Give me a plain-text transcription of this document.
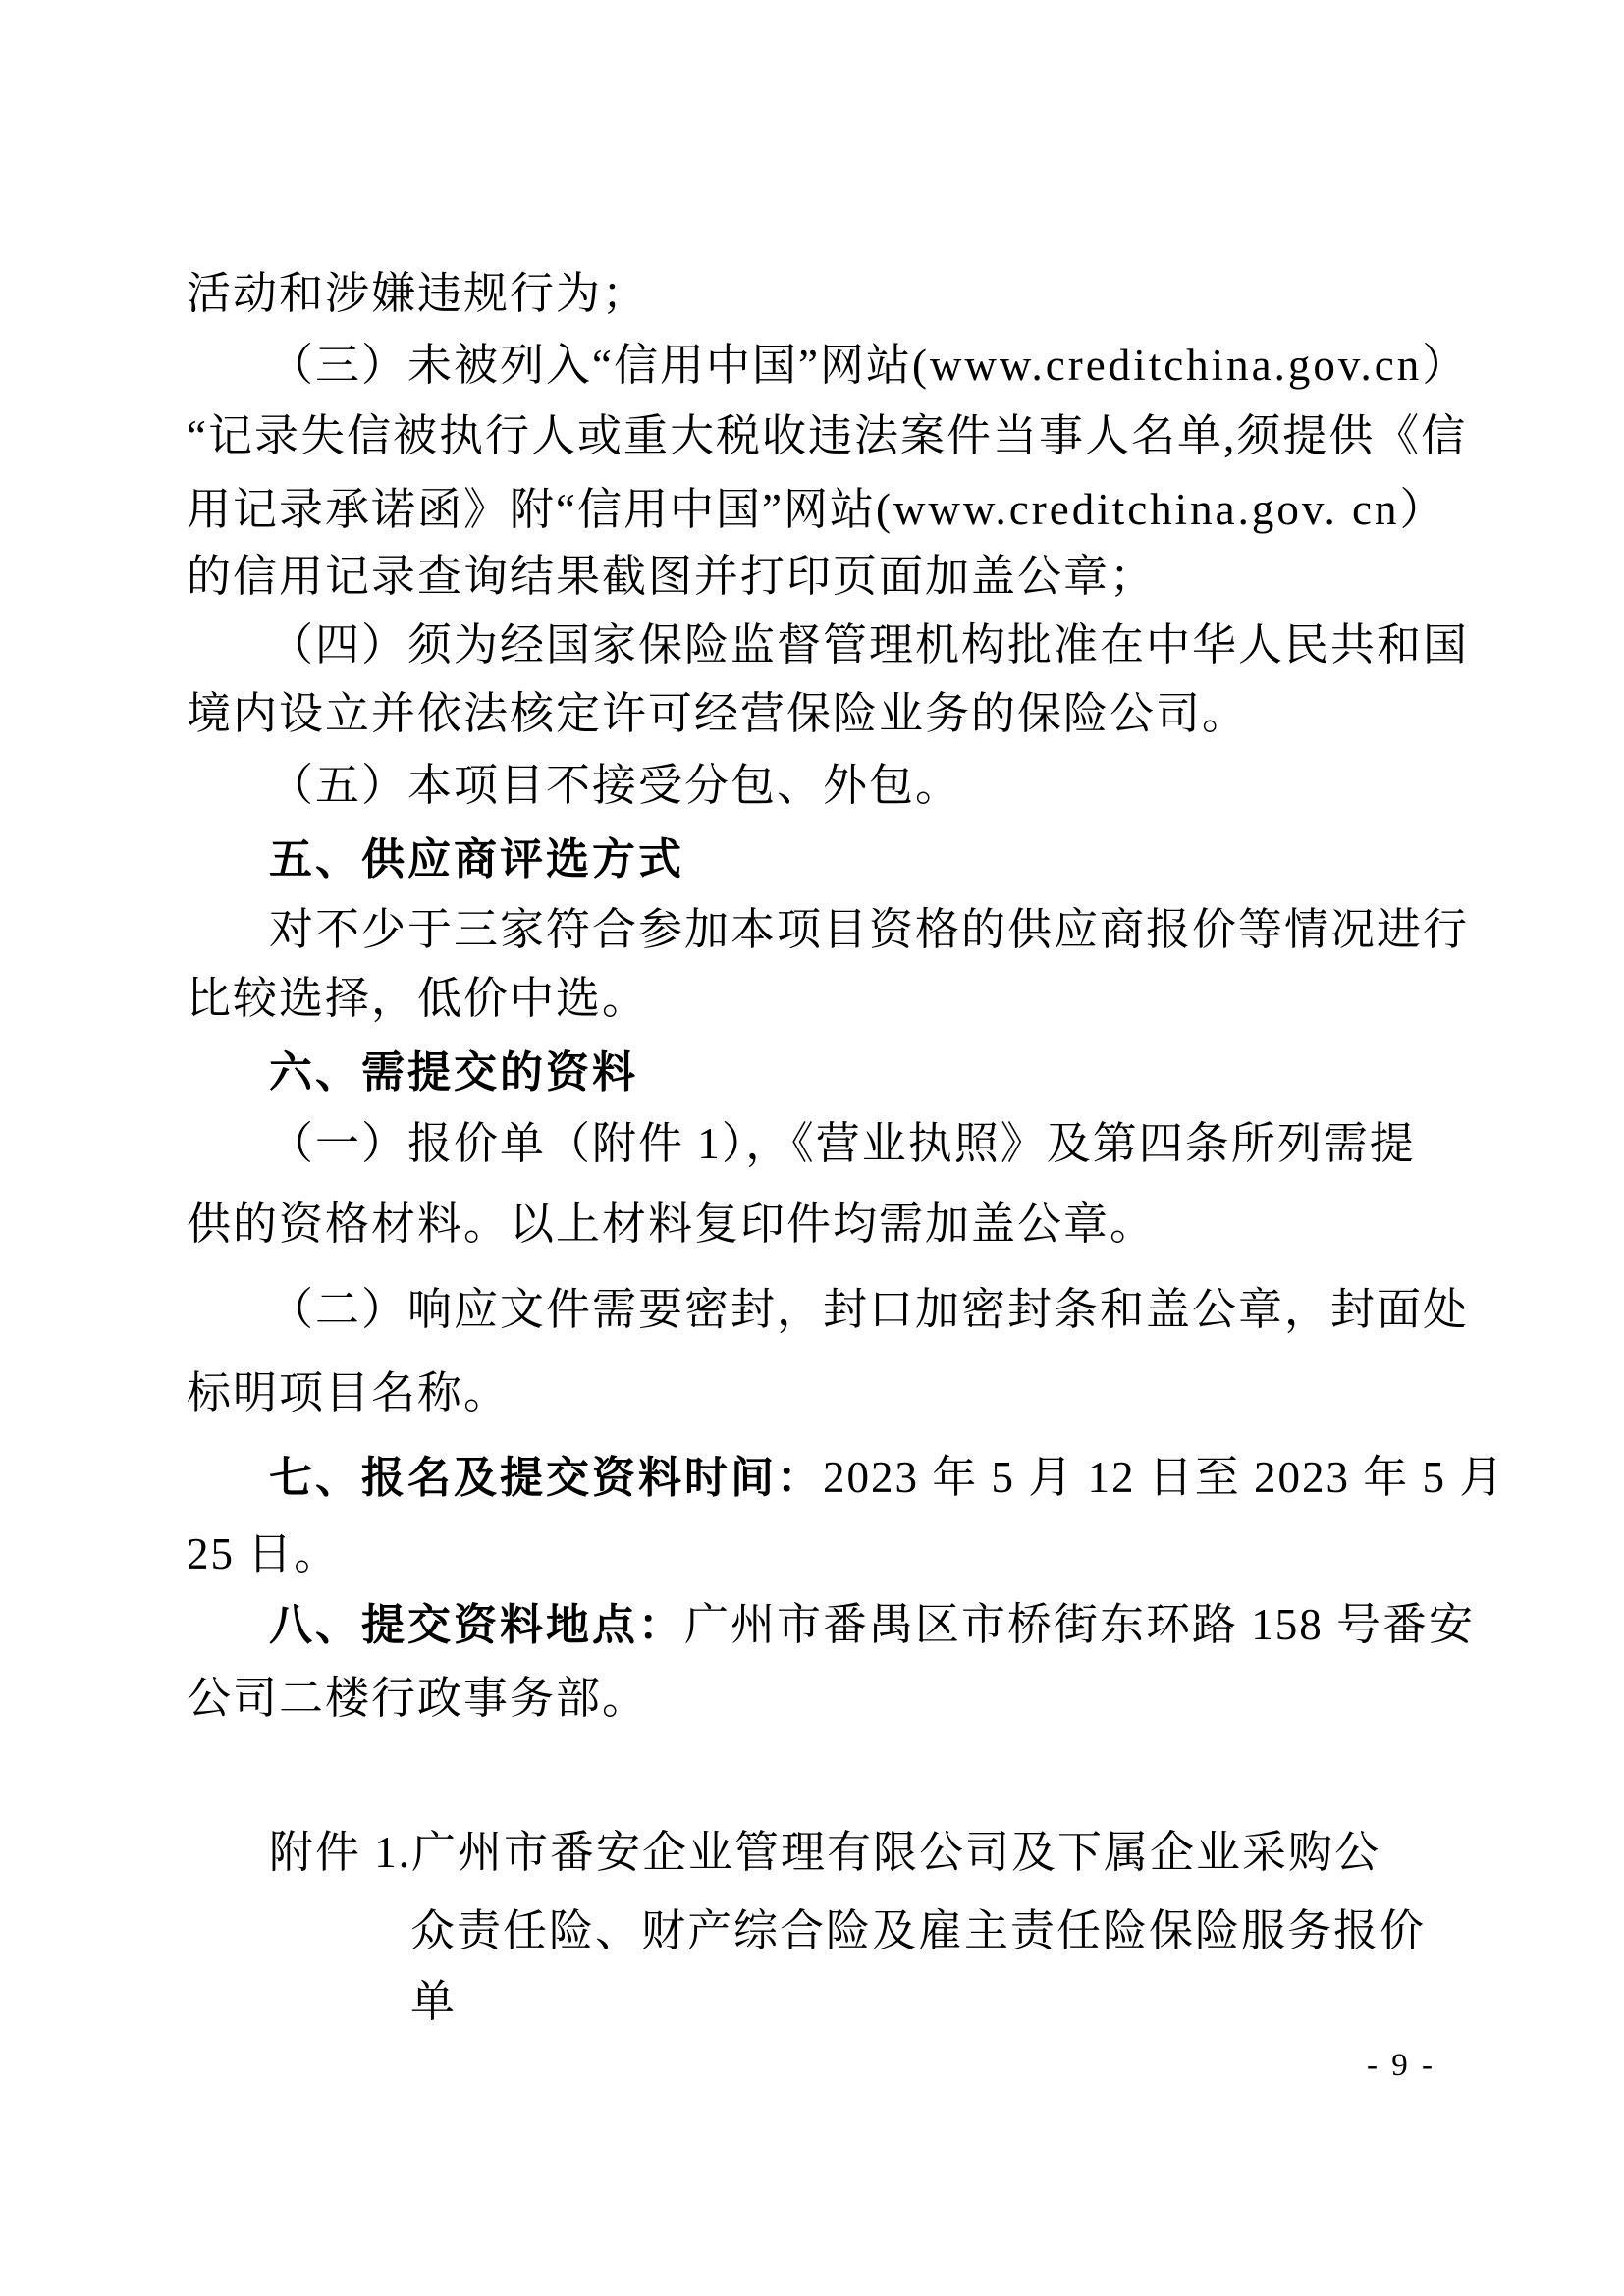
活动和涉嫌违规行为；
（三）未被列入“信用中国”网站(www.creditchina.gov.cn）
“记录失信被执行人或重大税收违法案件当事人名单,须提供《信
用记录承诺函》附“信用中国”网站(www.creditchina.gov. cn）
的信用记录查询结果截图并打印页面加盖公章；
（四）须为经国家保险监督管理机构批准在中华人民共和国
境内设立并依法核定许可经营保险业务的保险公司。
（五）本项目不接受分包、外包。
五、供应商评选方式
对不少于三家符合参加本项目资格的供应商报价等情况进行
比较选择，低价中选。
六、需提交的资料
（一）报价单（附件 1），《营业执照》及第四条所列需提
供的资格材料。以上材料复印件均需加盖公章。
（二）响应文件需要密封，封口加密封条和盖公章，封面处
标明项目名称。
七、报名及提交资料时间：2023 年 5 月 12 日至 2023 年 5 月
25 日。
八、提交资料地点：广州市番禺区市桥街东环路 158 号番安
公司二楼行政事务部。
附件 1.广州市番安企业管理有限公司及下属企业采购公
众责任险、财产综合险及雇主责任险保险服务报价
单
- 9 -
